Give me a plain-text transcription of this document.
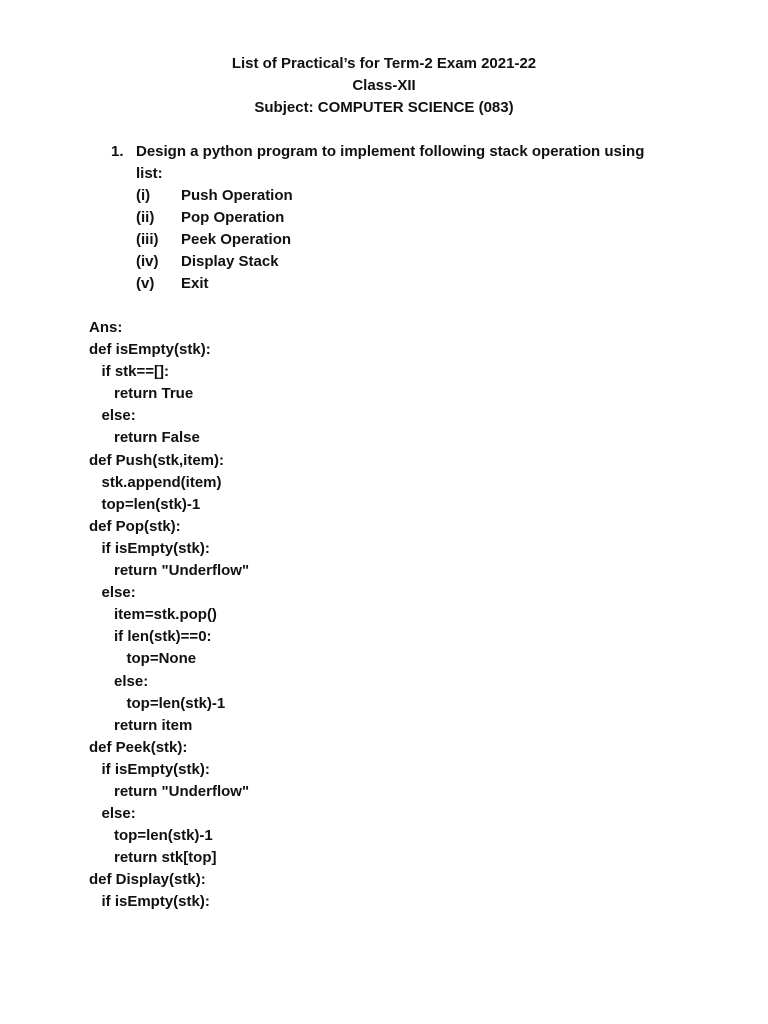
List of Practical’s for Term-2 Exam 2021-22
Class-XII
Subject: COMPUTER SCIENCE (083)
1. Design a python program to implement following stack operation using
list:
(i) Push Operation
(ii) Pop Operation
(iii) Peek Operation
(iv) Display Stack
(v) Exit
Ans:
def isEmpty(stk):
if stk==[]:
return True
else:
return False
def Push(stk,item):
stk.append(item)
top=len(stk)-1
def Pop(stk):
if isEmpty(stk):
return "Underflow"
else:
item=stk.pop()
if len(stk)==0:
top=None
else:
top=len(stk)-1
return item
def Peek(stk):
if isEmpty(stk):
return "Underflow"
else:
top=len(stk)-1
return stk[top]
def Display(stk):
if isEmpty(stk):
